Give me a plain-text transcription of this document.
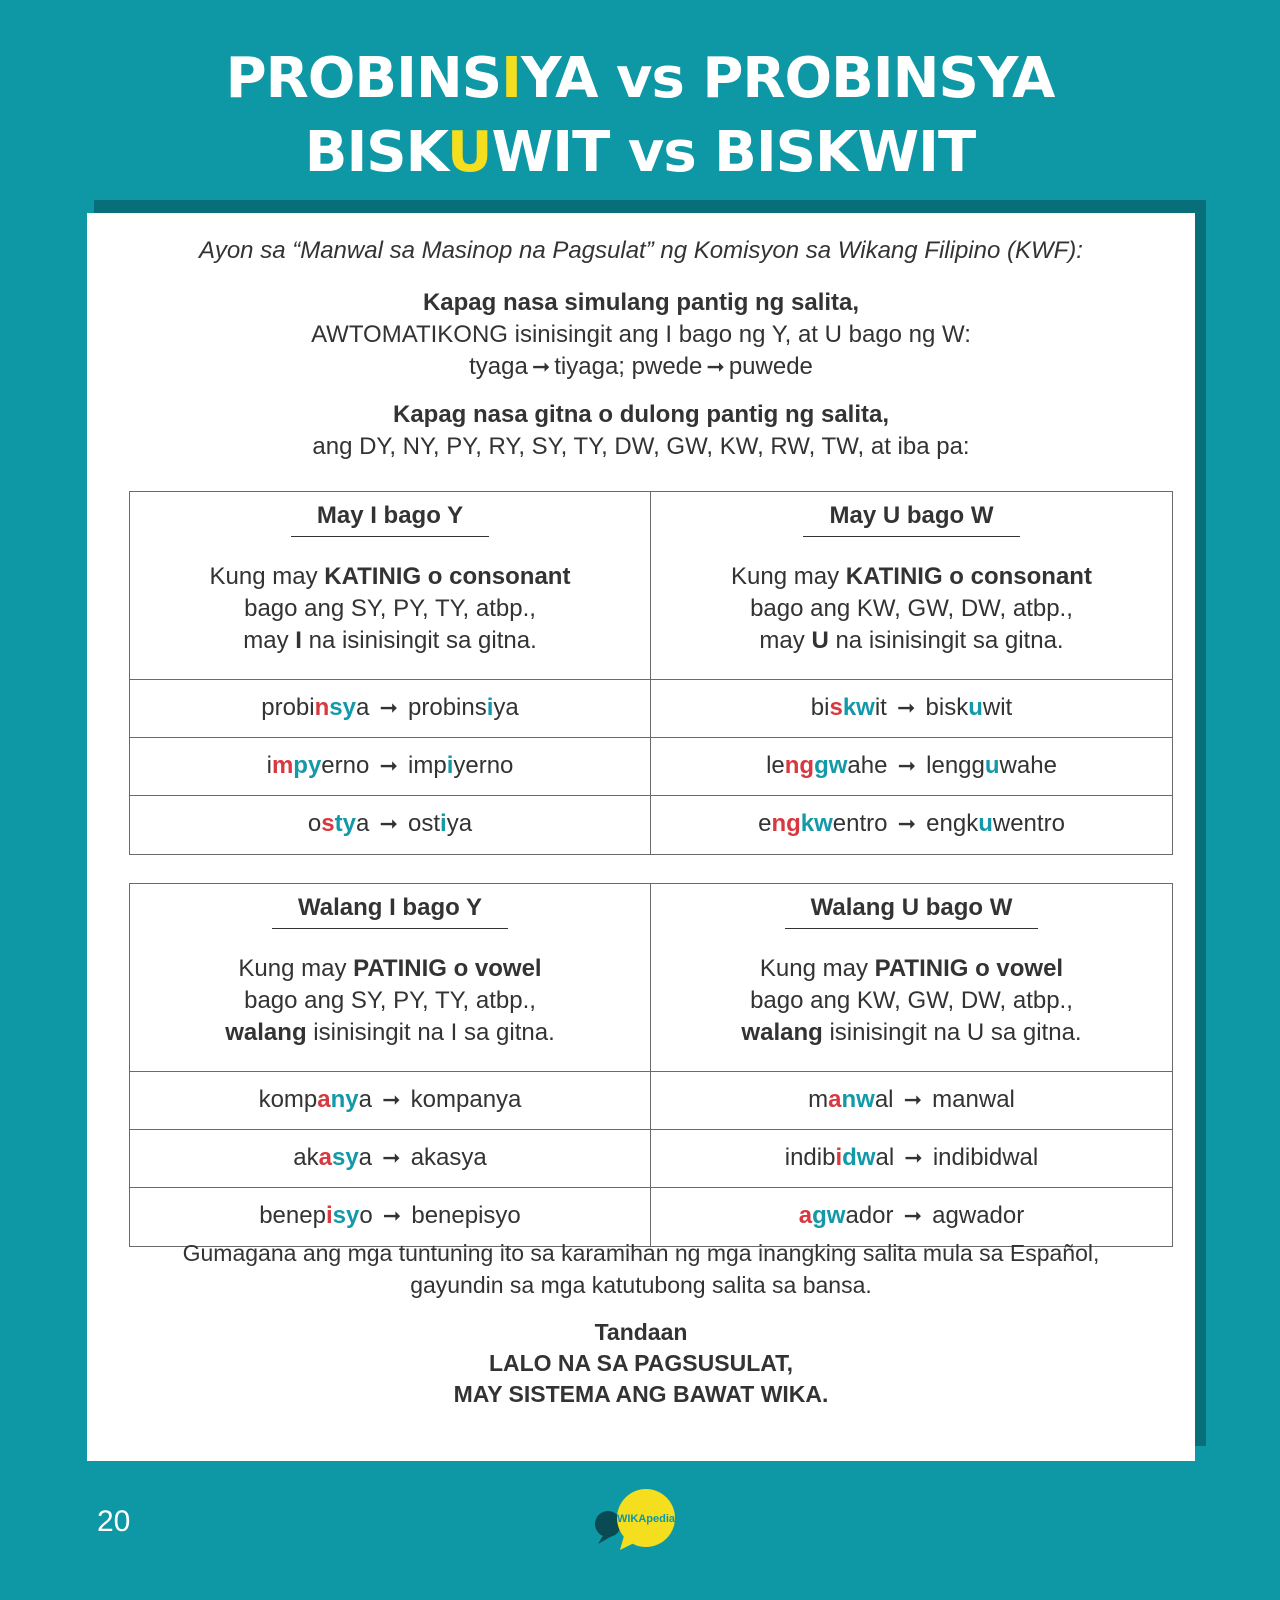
PROBINSIYA vs PROBINSYA
BISKUWIT vs BISKWIT
Ayon sa “Manwal sa Masinop na Pagsulat” ng Komisyon sa Wikang Filipino (KWF):
Kapag nasa simulang pantig ng salita,
AWTOMATIKONG isinisingit ang I bago ng Y, at U bago ng W:
tyaga ➞ tiyaga; pwede ➞ puwede
Kapag nasa gitna o dulong pantig ng salita,
ang DY, NY, PY, RY, SY, TY, DW, GW, KW, RW, TW, at iba pa:
May I bago Y
Kung may KATINIG o consonant
bago ang SY, PY, TY, atbp.,
may I na isinisingit sa gitna.
probinsya ➞ probinsiya
impyerno ➞ impiyerno
ostya ➞ ostiya
May U bago W
Kung may KATINIG o consonant
bago ang KW, GW, DW, atbp.,
may U na isinisingit sa gitna.
biskwit ➞ biskuwit
lenggwahe ➞ lengguwahe
engkwentro ➞ engkuwentro
Walang I bago Y
Kung may PATINIG o vowel
bago ang SY, PY, TY, atbp.,
walang isinisingit na I sa gitna.
kompanya ➞ kompanya
akasya ➞ akasya
benepisyo ➞ benepisyo
Walang U bago W
Kung may PATINIG o vowel
bago ang KW, GW, DW, atbp.,
walang isinisingit na U sa gitna.
manwal ➞ manwal
indibidwal ➞ indibidwal
agwador ➞ agwador
Gumagana ang mga tuntuning ito sa karamihan ng mga inangking salita mula sa Español,
gayundin sa mga katutubong salita sa bansa.
Tandaan
LALO NA SA PAGSUSULAT,
MAY SISTEMA ANG BAWAT WIKA.
20	WIKApedia
